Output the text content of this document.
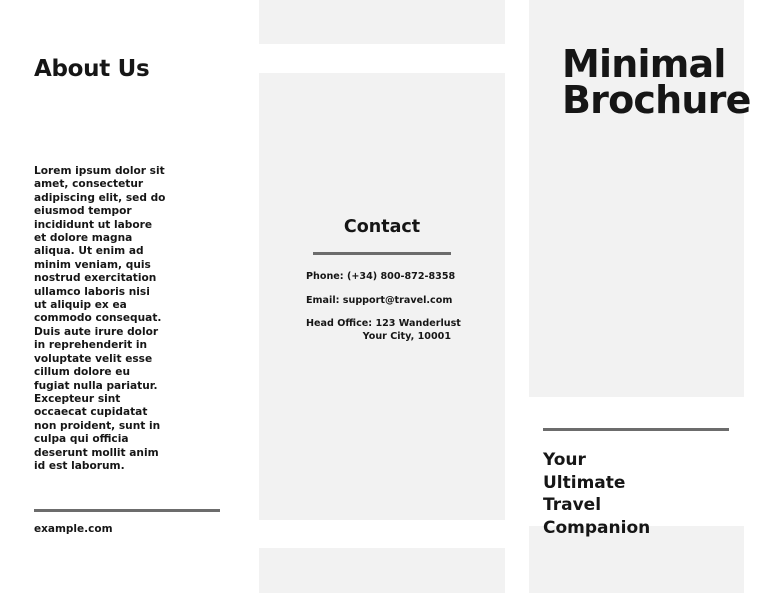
About Us

Lorem ipsum dolor sit amet, consectetur adipiscing elit, sed do eiusmod tempor incididunt ut labore et dolore magna aliqua. Ut enim ad minim veniam, quis nostrud exercitation ullamco laboris nisi ut aliquip ex ea commodo consequat. Duis aute irure dolor in reprehenderit in voluptate velit esse cillum dolore eu fugiat nulla pariatur. Excepteur sint occaecat cupidatat non proident, sunt in culpa qui officia deserunt mollit anim id est laborum.

example.com
Contact
Phone: (+34) 800-872-8358
Email: support@travel.com
Head Office: 123 Wanderlust
Your City, 10001
Minimal
Brochure
Your
Ultimate
Travel
Companion
